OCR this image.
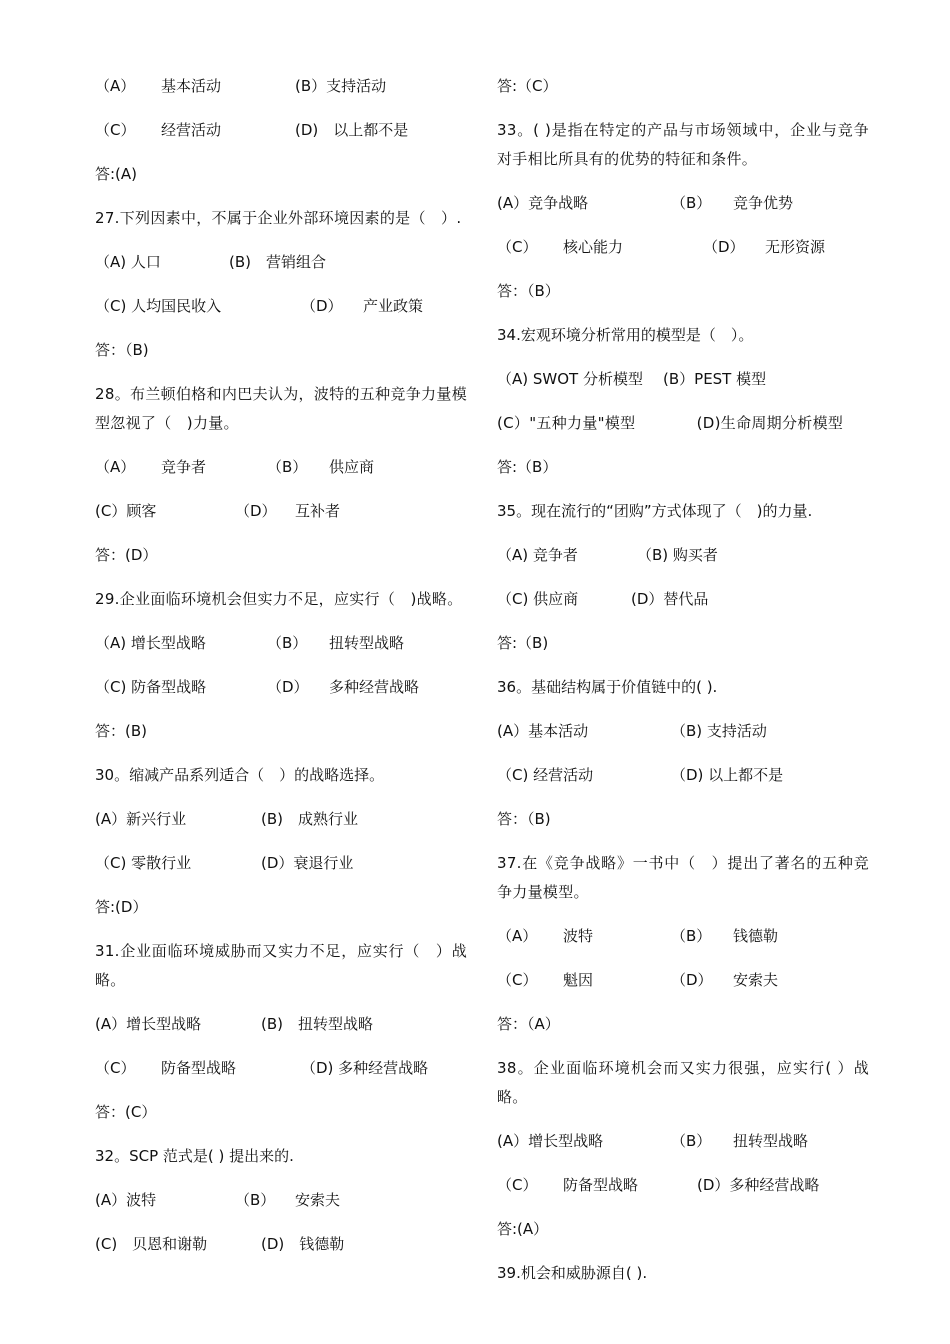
（A） 基本活动	(B）支持活动
（C） 经营活动	(D)　以上都不是
答:(A)
27.下列因素中，不属于企业外部环境因素的是（　）.
（A) 人口	(B)　营销组合
（C) 人均国民收入	（D） 产业政策
答：（B)
28。布兰顿伯格和内巴夫认为，波特的五种竞争力量模型忽视了（　)力量。
（A） 竞争者	（B） 供应商
(C）顾客	（D） 互补者
答：(D）
29.企业面临环境机会但实力不足，应实行（　)战略。
（A) 增长型战略	（B） 扭转型战略
（C) 防备型战略	（D） 多种经营战略
答：(B)
30。缩减产品系列适合（　）的战略选择。
(A）新兴行业	(B)　成熟行业
（C) 零散行业	(D）衰退行业
答:(D）
31.企业面临环境威胁而又实力不足，应实行（　）战略。
(A）增长型战略	(B)　扭转型战略
（C） 防备型战略	（D) 多种经营战略
答：(C）
32。SCP 范式是( ) 提出来的.
(A）波特	（B） 安索夫
(C)　贝恩和谢勒	(D)　钱德勒
答:（C）
33。( )是指在特定的产品与市场领域中，企业与竞争对手相比所具有的优势的特征和条件。
(A）竞争战略	（B） 竞争优势
（C） 核心能力	（D） 无形资源
答：（B）
34.宏观环境分析常用的模型是（　）。
（A) SWOT 分析模型 (B）PEST 模型
(C）"五种力量"模型　　　　(D)生命周期分析模型
答:（B）
35。现在流行的“团购”方式体现了（　)的力量.
（A) 竞争者	（B) 购买者
（C) 供应商	(D）替代品
答:（B)
36。基础结构属于价值链中的( ).
(A）基本活动	（B) 支持活动
（C) 经营活动	（D) 以上都不是
答：（B)
37.在《竞争战略》一书中（　）提出了著名的五种竞争力量模型。
（A） 波特	（B） 钱德勒
（C） 魁因	（D） 安索夫
答：（A）
38。企业面临环境机会而又实力很强，应实行( ）战略。
(A）增长型战略	（B） 扭转型战略
（C） 防备型战略	(D）多种经营战略
答:(A）
39.机会和威胁源自( ).
